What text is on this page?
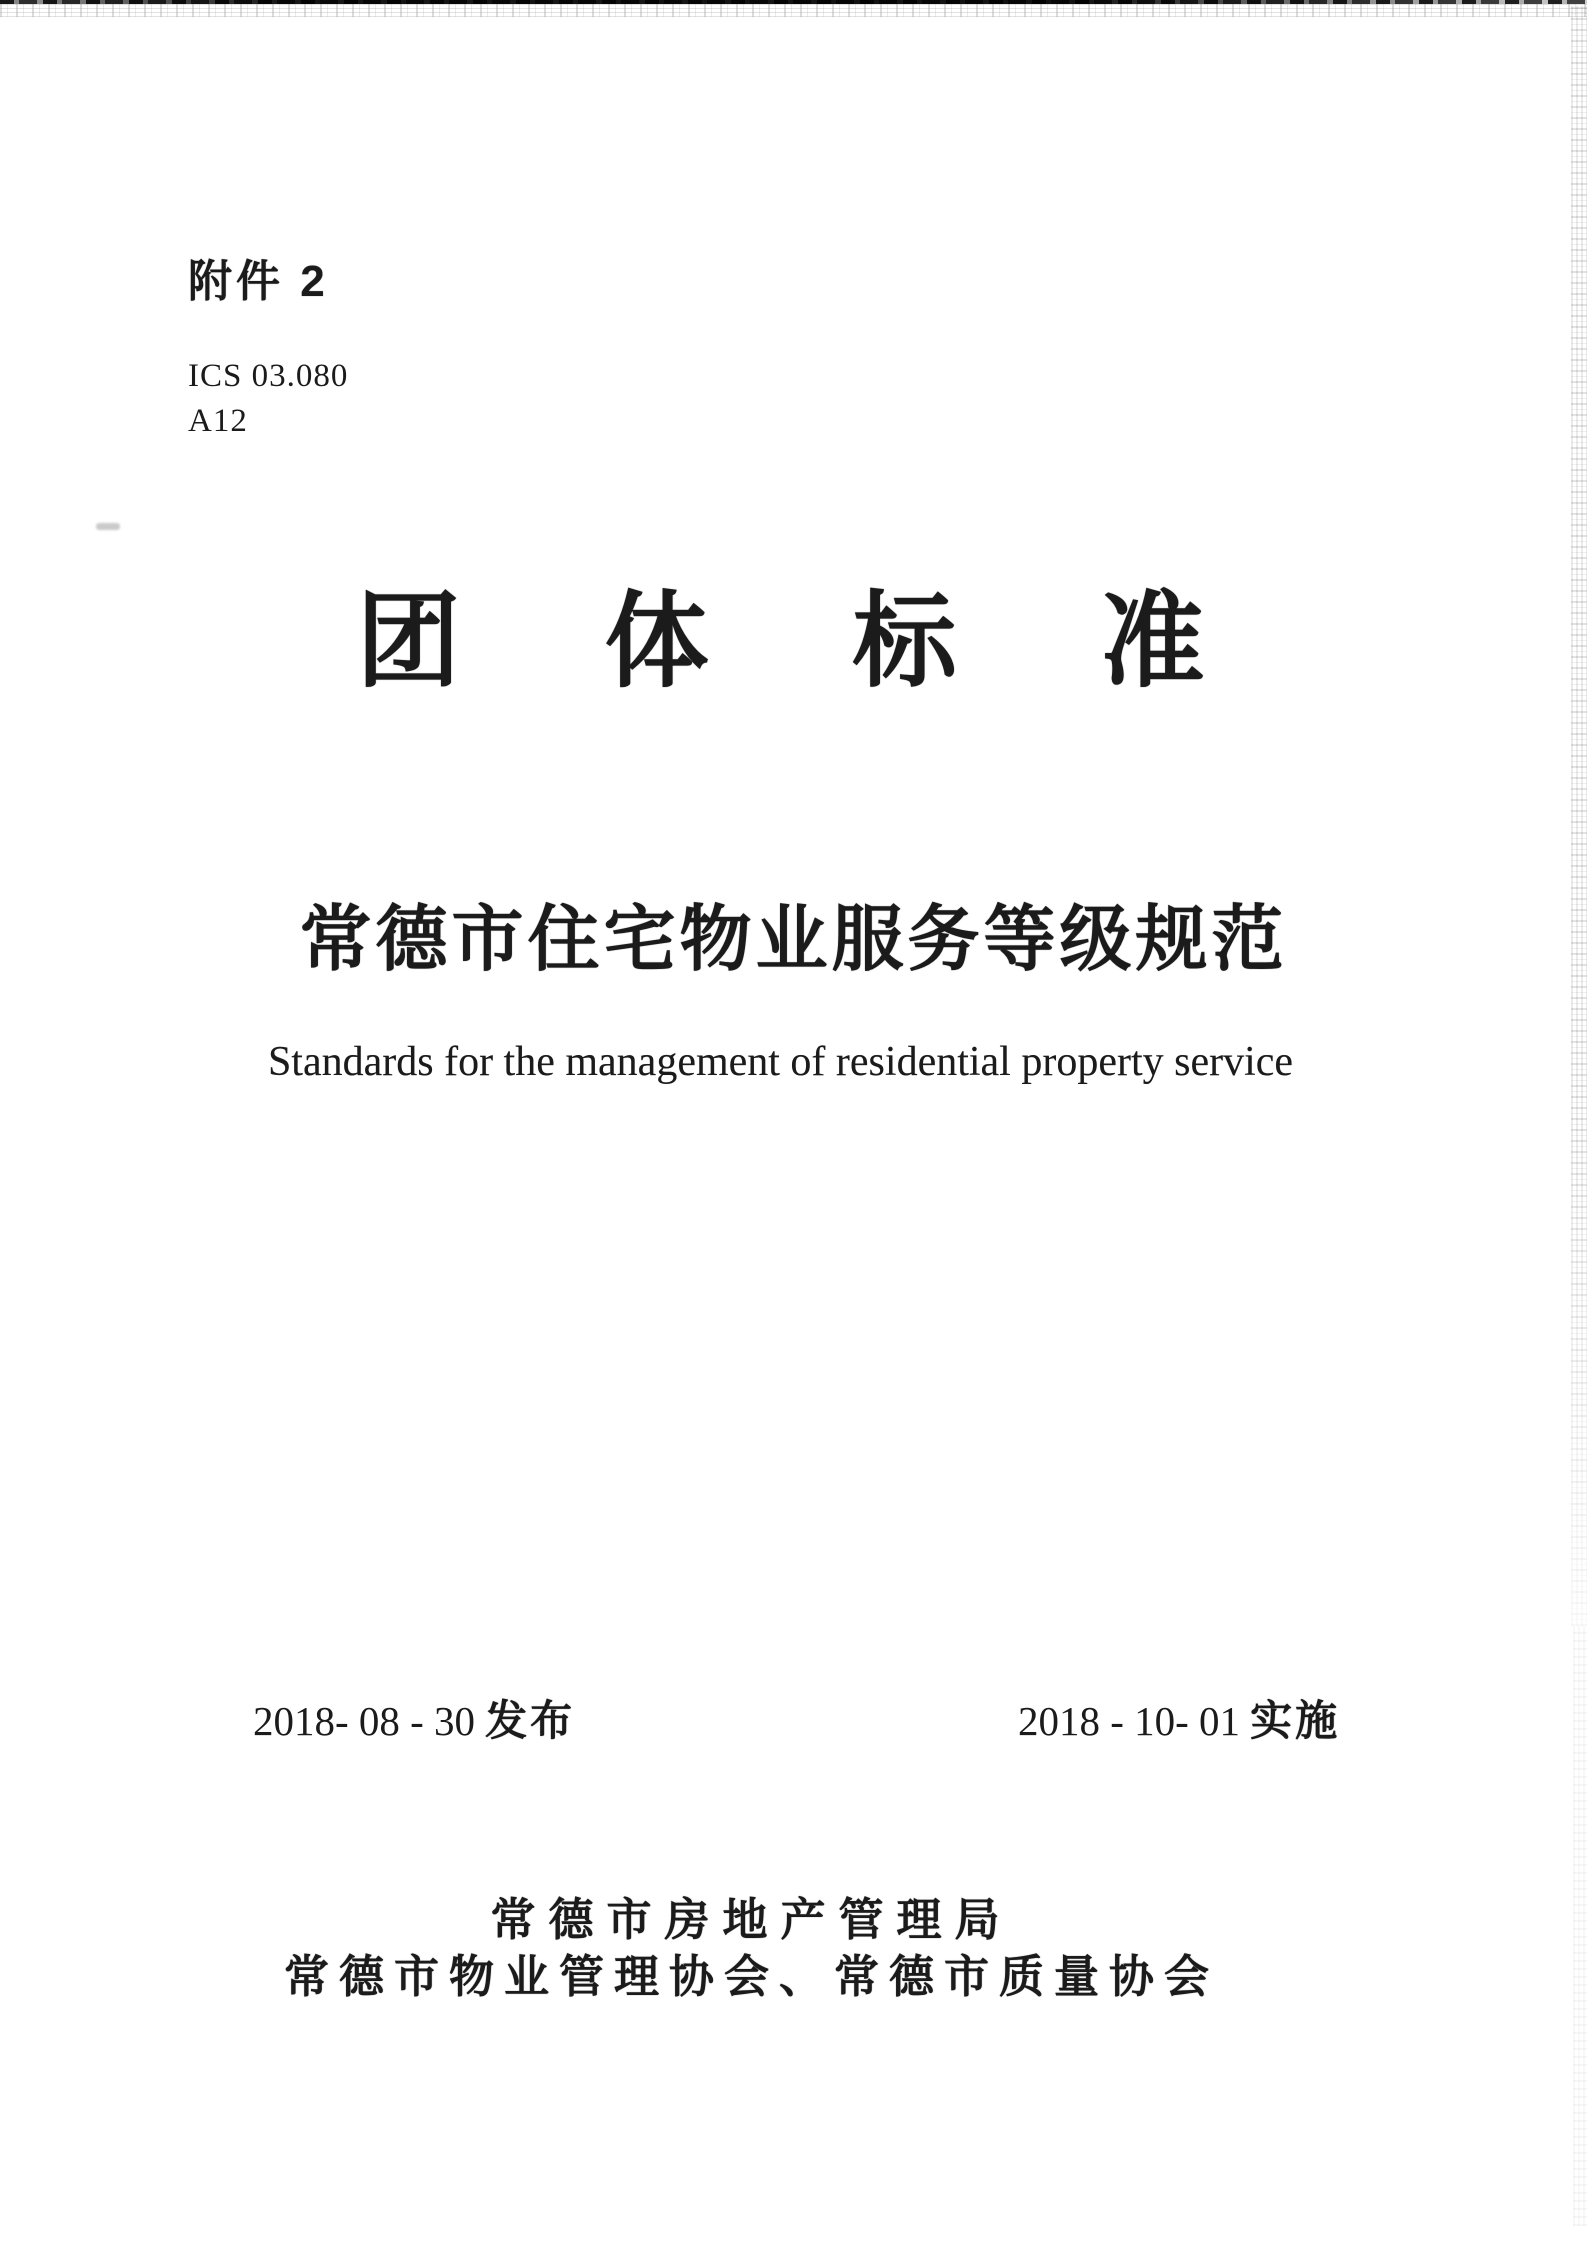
附件 2
ICS 03.080
A12
团 体 标 准
常德市住宅物业服务等级规范
Standards for the management of residential property service
2018- 08 - 30 发布	2018 - 10- 01 实施
常德市房地产管理局
常德市物业管理协会、常德市质量协会
